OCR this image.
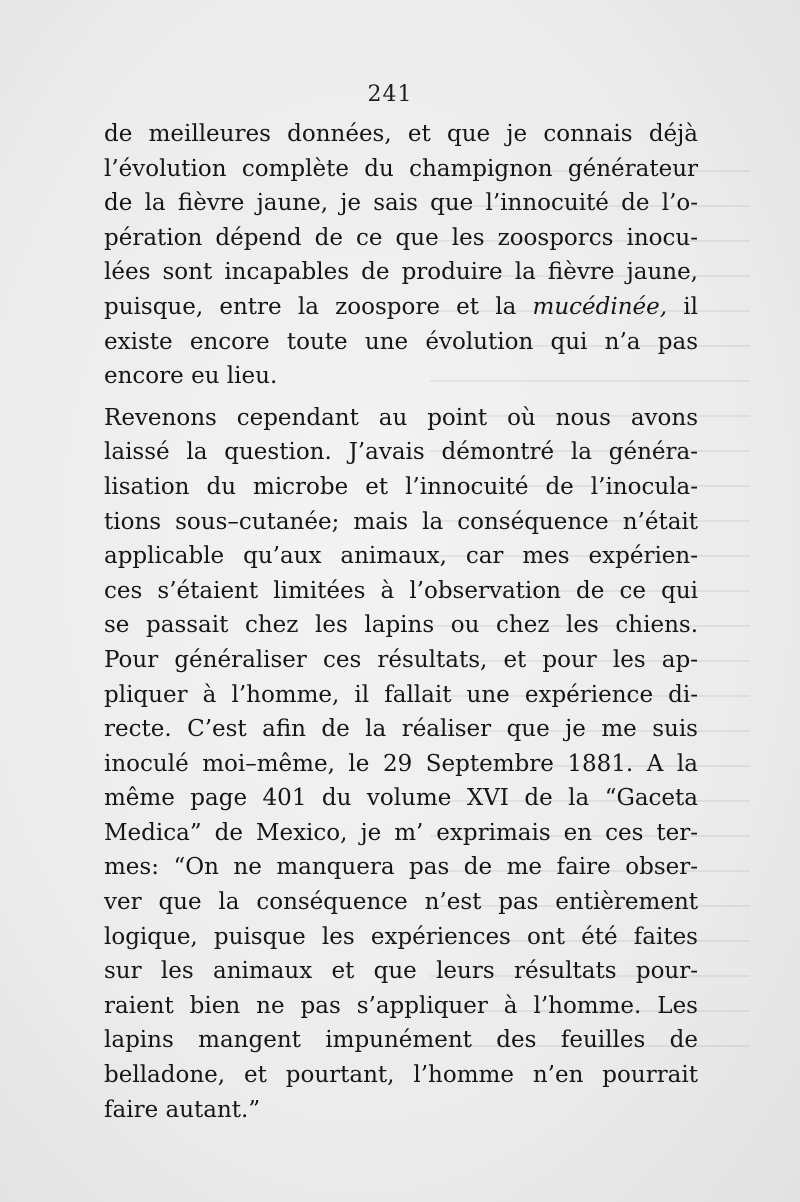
241
de meilleures données, et que je connais déjà
l’évolution complète du champignon générateur
de la fièvre jaune, je sais que l’innocuité de l’o-
pération dépend de ce que les zoosporcs inocu-
lées sont incapables de produire la fièvre jaune,
puisque, entre la zoospore et la mucédinée, il
existe encore toute une évolution qui n’a pas
encore eu lieu.
Revenons cependant au point où nous avons
laissé la question. J’avais démontré la généra-
lisation du microbe et l’innocuité de l’inocula-
tions sous–cutanée; mais la conséquence n’était
applicable qu’aux animaux, car mes expérien-
ces s’étaient limitées à l’observation de ce qui
se passait chez les lapins ou chez les chiens.
Pour généraliser ces résultats, et pour les ap-
pliquer à l’homme, il fallait une expérience di-
recte. C’est afin de la réaliser que je me suis
inoculé moi–même, le 29 Septembre 1881. A la
même page 401 du volume XVI de la “Gaceta
Medica” de Mexico, je m’ exprimais en ces ter-
mes: “On ne manquera pas de me faire obser-
ver que la conséquence n’est pas entièrement
logique, puisque les expériences ont été faites
sur les animaux et que leurs résultats pour-
raient bien ne pas s’appliquer à l’homme. Les
lapins mangent impunément des feuilles de
belladone, et pourtant, l’homme n’en pourrait
faire autant.”
